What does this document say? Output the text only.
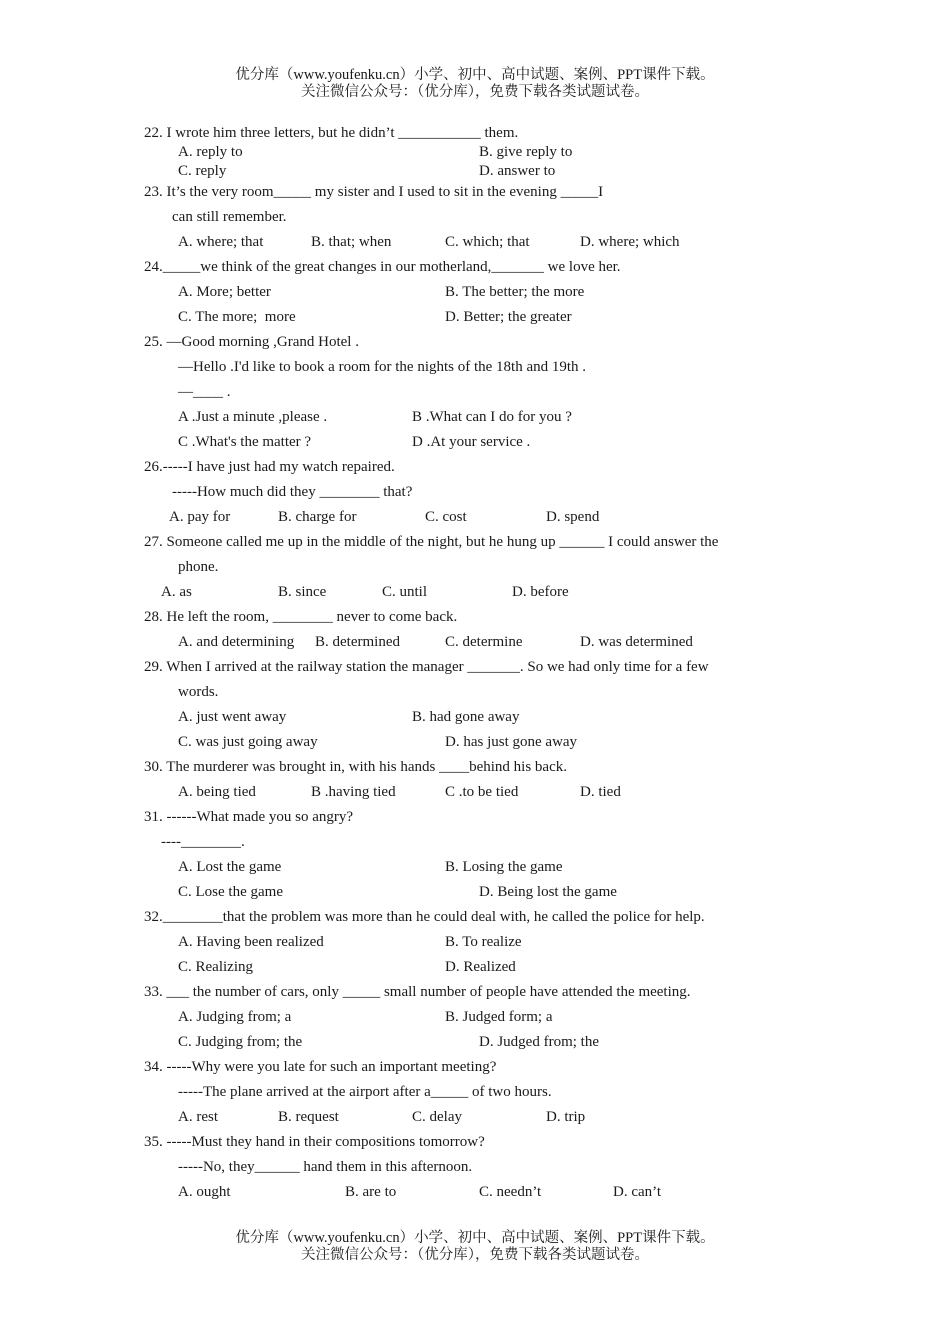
优分库（www.youfenku.cn）小学、初中、高中试题、案例、PPT课件下载。
关注微信公众号：（优分库），免费下载各类试题试卷。
22. I wrote him three letters, but he didn’t ___________ them.
A. reply to	B. give reply to
C. reply	D. answer to
23. It’s the very room_____ my sister and I used to sit in the evening _____I
can still remember.
A. where; that	B. that; when	C. which; that	D. where; which
24._____we think of the great changes in our motherland,_______ we love her.
A. More; better	B. The better; the more
C. The more;  more	D. Better; the greater
25. —Good morning ,Grand Hotel .
—Hello .I'd like to book a room for the nights of the 18th and 19th .
—____ .
A .Just a minute ,please .	B .What can I do for you ?
C .What's the matter ?	D .At your service .
26.-----I have just had my watch repaired.
-----How much did they ________ that?
A. pay for	B. charge for	C. cost	D. spend
27. Someone called me up in the middle of the night, but he hung up ______ I could answer the
phone.
A. as	B. since	C. until	D. before
28. He left the room, ________ never to come back.
A. and determining B. determined	C. determine	D. was determined
29. When I arrived at the railway station the manager _______. So we had only time for a few
words.
A. just went away	B. had gone away
C. was just going away	D. has just gone away
30. The murderer was brought in, with his hands ____behind his back.
A. being tied	B .having tied	C .to be tied	D. tied
31. ------What made you so angry?
----________.
A. Lost the game	B. Losing the game
C. Lose the game	D. Being lost the game
32.________that the problem was more than he could deal with, he called the police for help.
A. Having been realized	B. To realize
C. Realizing	D. Realized
33. ___ the number of cars, only _____ small number of people have attended the meeting.
A. Judging from; a	B. Judged form; a
C. Judging from; the	D. Judged from; the
34. -----Why were you late for such an important meeting?
-----The plane arrived at the airport after a_____ of two hours.
A. rest	B. request	C. delay	D. trip
35. -----Must they hand in their compositions tomorrow?
-----No, they______ hand them in this afternoon.
A. ought	B. are to	C. needn’t	D. can’t
优分库（www.youfenku.cn）小学、初中、高中试题、案例、PPT课件下载。
关注微信公众号：（优分库），免费下载各类试题试卷。
